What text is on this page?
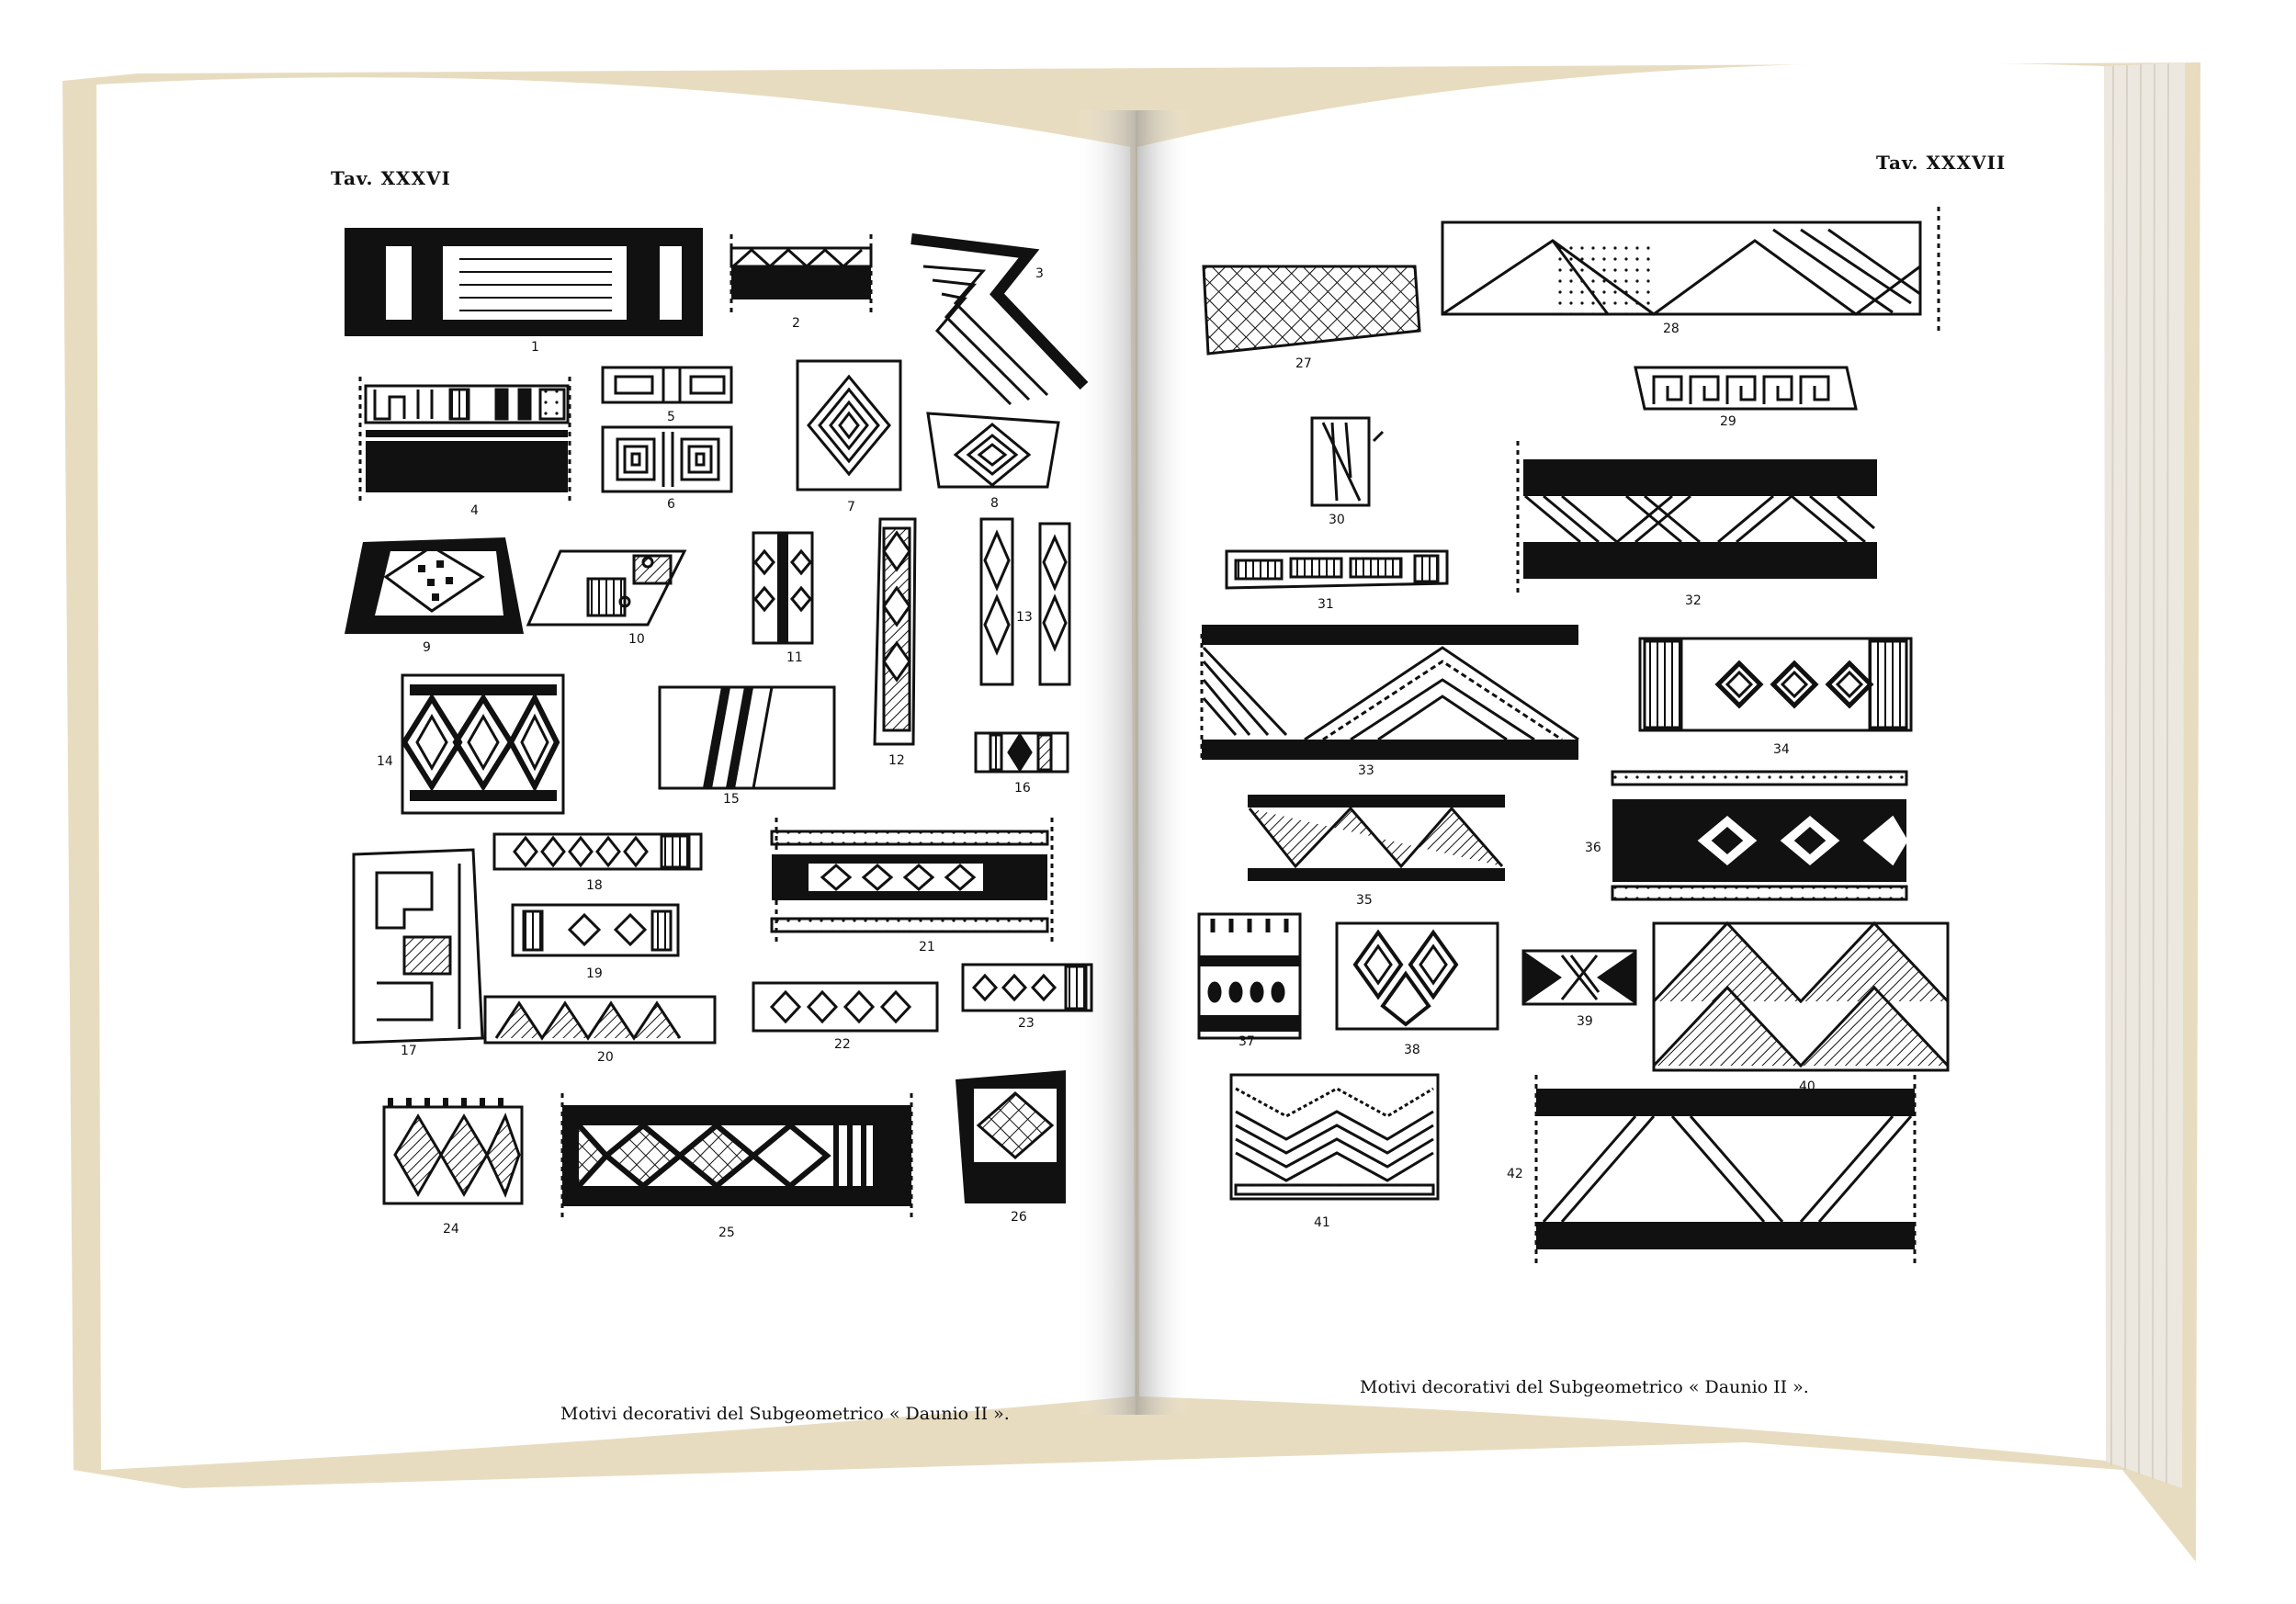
Tav. XXXVI
Tav. XXXVII
1
2
3
4
5
6	7	8
9
10
11
12
13
14
15
16
17
18
19
20
21
22
23
24	25
26
27
28
29
30
31	32
33
34
35
36
37
38
39
40
41
42
Motivi decorativi del Subgeometrico « Daunio II ».
Motivi decorativi del Subgeometrico « Daunio II ».
